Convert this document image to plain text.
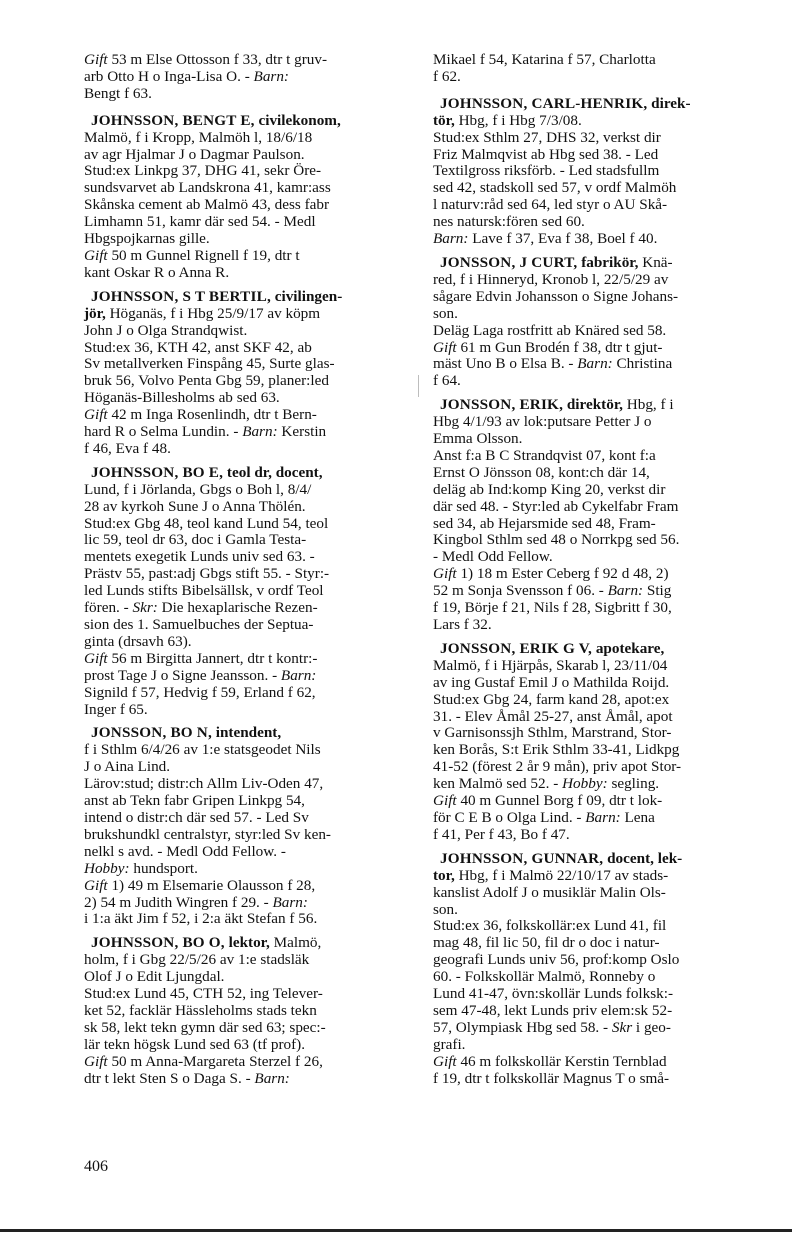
Gift 53 m Else Ottosson f 33, dtr t gruv-
arb Otto H o Inga-Lisa O. - Barn:
Bengt f 63.

JOHNSSON, BENGT E, civilekonom,
Malmö, f i Kropp, Malmöh l, 18/6/18
av agr Hjalmar J o Dagmar Paulson.
Stud:ex Linkpg 37, DHG 41, sekr Öre-
sundsvarvet ab Landskrona 41, kamr:ass
Skånska cement ab Malmö 43, dess fabr
Limhamn 51, kamr där sed 54. - Medl
Hbgspojkarnas gille.
Gift 50 m Gunnel Rignell f 19, dtr t
kant Oskar R o Anna R.

JOHNSSON, S T BERTIL, civilingen-
jör, Höganäs, f i Hbg 25/9/17 av köpm
John J o Olga Strandqwist.
Stud:ex 36, KTH 42, anst SKF 42, ab
Sv metallverken Finspång 45, Surte glas-
bruk 56, Volvo Penta Gbg 59, planer:led
Höganäs-Billesholms ab sed 63.
Gift 42 m Inga Rosenlindh, dtr t Bern-
hard R o Selma Lundin. - Barn: Kerstin
f 46, Eva f 48.

JOHNSSON, BO E, teol dr, docent,
Lund, f i Jörlanda, Gbgs o Boh l, 8/4/
28 av kyrkoh Sune J o Anna Thölén.
Stud:ex Gbg 48, teol kand Lund 54, teol
lic 59, teol dr 63, doc i Gamla Testa-
mentets exegetik Lunds univ sed 63. -
Prästv 55, past:adj Gbgs stift 55. - Styr:-
led Lunds stifts Bibelsällsk, v ordf Teol
fören. - Skr: Die hexaplarische Rezen-
sion des 1. Samuelbuches der Septua-
ginta (drsavh 63).
Gift 56 m Birgitta Jannert, dtr t kontr:-
prost Tage J o Signe Jeansson. - Barn:
Signild f 57, Hedvig f 59, Erland f 62,
Inger f 65.

JONSSON, BO N, intendent,
f i Sthlm 6/4/26 av 1:e statsgeodet Nils
J o Aina Lind.
Lärov:stud; distr:ch Allm Liv-Oden 47,
anst ab Tekn fabr Gripen Linkpg 54,
intend o distr:ch där sed 57. - Led Sv
brukshundkl centralstyr, styr:led Sv ken-
nelkl s avd. - Medl Odd Fellow. -
Hobby: hundsport.
Gift 1) 49 m Elsemarie Olausson f 28,
2) 54 m Judith Wingren f 29. - Barn:
i 1:a äkt Jim f 52, i 2:a äkt Stefan f 56.

JOHNSSON, BO O, lektor, Malmö,
holm, f i Gbg 22/5/26 av 1:e stadsläk
Olof J o Edit Ljungdal.
Stud:ex Lund 45, CTH 52, ing Telever-
ket 52, facklär Hässleholms stads tekn
sk 58, lekt tekn gymn där sed 63; spec:-
lär tekn högsk Lund sed 63 (tf prof).
Gift 50 m Anna-Margareta Sterzel f 26,
dtr t lekt Sten S o Daga S. - Barn:

Mikael f 54, Katarina f 57, Charlotta
f 62.

JOHNSSON, CARL-HENRIK, direk-
tör, Hbg, f i Hbg 7/3/08.
Stud:ex Sthlm 27, DHS 32, verkst dir
Friz Malmqvist ab Hbg sed 38. - Led
Textilgross riksförb. - Led stadsfullm
sed 42, stadskoll sed 57, v ordf Malmöh
l naturv:råd sed 64, led styr o AU Skå-
nes natursk:fören sed 60.
Barn: Lave f 37, Eva f 38, Boel f 40.

JONSSON, J CURT, fabrikör, Knä-
red, f i Hinneryd, Kronob l, 22/5/29 av
sågare Edvin Johansson o Signe Johans-
son.
Deläg Laga rostfritt ab Knäred sed 58.
Gift 61 m Gun Brodén f 38, dtr t gjut-
mäst Uno B o Elsa B. - Barn: Christina
f 64.

JONSSON, ERIK, direktör, Hbg, f i
Hbg 4/1/93 av lok:putsare Petter J o
Emma Olsson.
Anst f:a B C Strandqvist 07, kont f:a
Ernst O Jönsson 08, kont:ch där 14,
deläg ab Ind:komp King 20, verkst dir
där sed 48. - Styr:led ab Cykelfabr Fram
sed 34, ab Hejarsmide sed 48, Fram-
Kingbol Sthlm sed 48 o Norrkpg sed 56.
- Medl Odd Fellow.
Gift 1) 18 m Ester Ceberg f 92 d 48, 2)
52 m Sonja Svensson f 06. - Barn: Stig
f 19, Börje f 21, Nils f 28, Sigbritt f 30,
Lars f 32.

JONSSON, ERIK G V, apotekare,
Malmö, f i Hjärpås, Skarab l, 23/11/04
av ing Gustaf Emil J o Mathilda Roijd.
Stud:ex Gbg 24, farm kand 28, apot:ex
31. - Elev Åmål 25-27, anst Åmål, apot
v Garnisonssjh Sthlm, Marstrand, Stor-
ken Borås, S:t Erik Sthlm 33-41, Lidkpg
41-52 (förest 2 år 9 mån), priv apot Stor-
ken Malmö sed 52. - Hobby: segling.
Gift 40 m Gunnel Borg f 09, dtr t lok-
för C E B o Olga Lind. - Barn: Lena
f 41, Per f 43, Bo f 47.

JOHNSSON, GUNNAR, docent, lek-
tor, Hbg, f i Malmö 22/10/17 av stads-
kanslist Adolf J o musiklär Malin Ols-
son.
Stud:ex 36, folkskollär:ex Lund 41, fil
mag 48, fil lic 50, fil dr o doc i natur-
geografi Lunds univ 56, prof:komp Oslo
60. - Folkskollär Malmö, Ronneby o
Lund 41-47, övn:skollär Lunds folksk:-
sem 47-48, lekt Lunds priv elem:sk 52-
57, Olympiask Hbg sed 58. - Skr i geo-
grafi.
Gift 46 m folkskollär Kerstin Ternblad
f 19, dtr t folkskollär Magnus T o små-

406
